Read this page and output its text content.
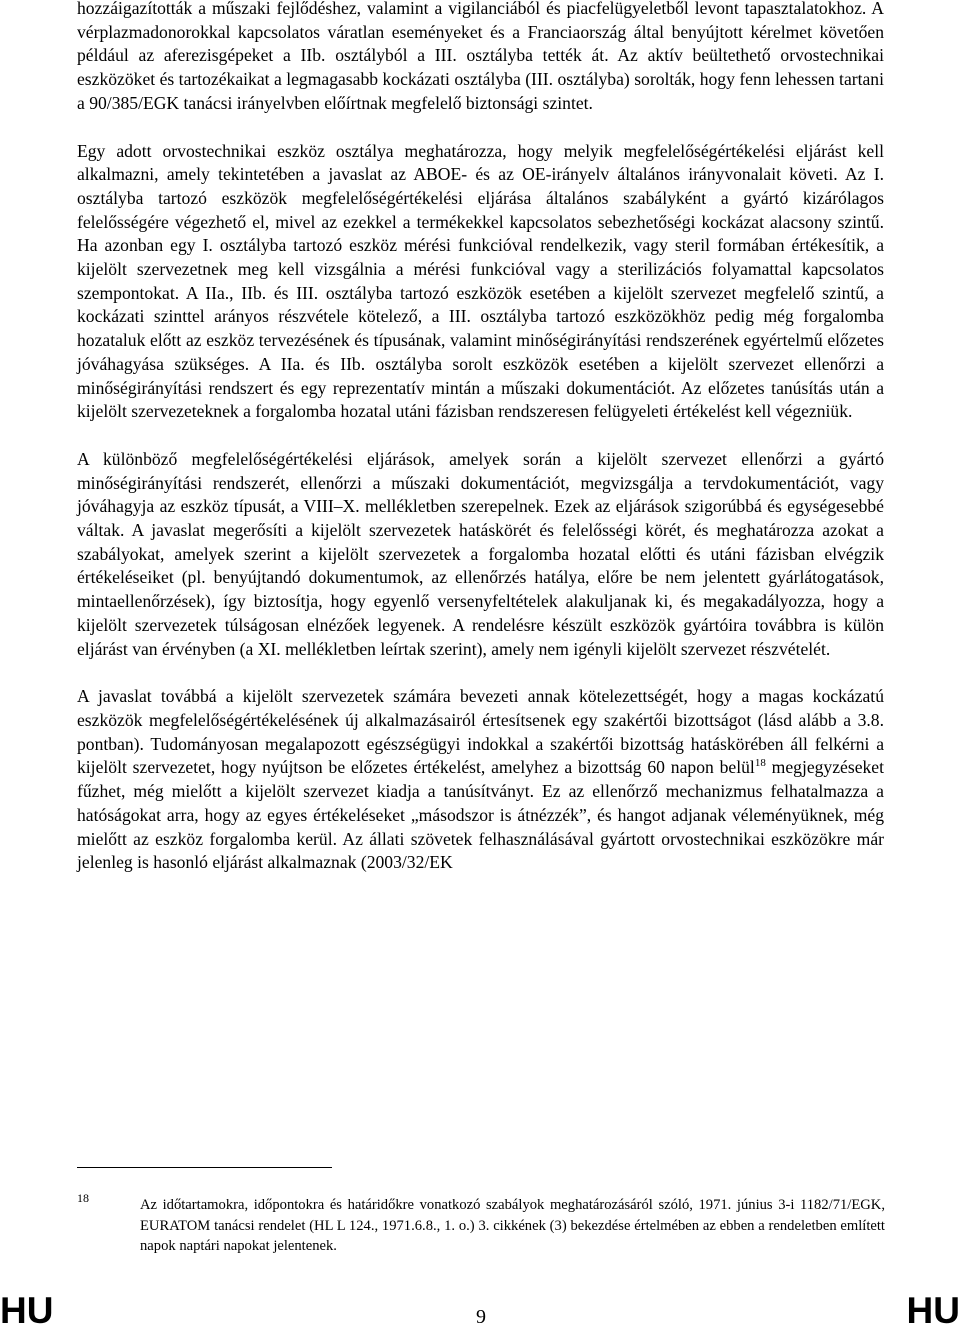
hozzáigazították a műszaki fejlődéshez, valamint a vigilanciából és piacfelügyeletből levont tapasztalatokhoz. A vérplazmadonorokkal kapcsolatos váratlan eseményeket és a Franciaország által benyújtott kérelmet követően például az aferezisgépeket a IIb. osztályból a III. osztályba tették át. Az aktív beültethető orvostechnikai eszközöket és tartozékaikat a legmagasabb kockázati osztályba (III. osztályba) sorolták, hogy fenn lehessen tartani a 90/385/EGK tanácsi irányelvben előírtnak megfelelő biztonsági szintet.

Egy adott orvostechnikai eszköz osztálya meghatározza, hogy melyik megfelelőségértékelési eljárást kell alkalmazni, amely tekintetében a javaslat az ABOE- és az OE-irányelv általános irányvonalait követi. Az I. osztályba tartozó eszközök megfelelőségértékelési eljárása általános szabályként a gyártó kizárólagos felelősségére végezhető el, mivel az ezekkel a termékekkel kapcsolatos sebezhetőségi kockázat alacsony szintű. Ha azonban egy I. osztályba tartozó eszköz mérési funkcióval rendelkezik, vagy steril formában értékesítik, a kijelölt szervezetnek meg kell vizsgálnia a mérési funkcióval vagy a sterilizációs folyamattal kapcsolatos szempontokat. A IIa., IIb. és III. osztályba tartozó eszközök esetében a kijelölt szervezet megfelelő szintű, a kockázati szinttel arányos részvétele kötelező, a III. osztályba tartozó eszközökhöz pedig még forgalomba hozataluk előtt az eszköz tervezésének és típusának, valamint minőségirányítási rendszerének egyértelmű előzetes jóváhagyása szükséges. A IIa. és IIb. osztályba sorolt eszközök esetében a kijelölt szervezet ellenőrzi a minőségirányítási rendszert és egy reprezentatív mintán a műszaki dokumentációt. Az előzetes tanúsítás után a kijelölt szervezeteknek a forgalomba hozatal utáni fázisban rendszeresen felügyeleti értékelést kell végezniük.

A különböző megfelelőségértékelési eljárások, amelyek során a kijelölt szervezet ellenőrzi a gyártó minőségirányítási rendszerét, ellenőrzi a műszaki dokumentációt, megvizsgálja a tervdokumentációt, vagy jóváhagyja az eszköz típusát, a VIII–X. mellékletben szerepelnek. Ezek az eljárások szigorúbbá és egységesebbé váltak. A javaslat megerősíti a kijelölt szervezetek hatáskörét és felelősségi körét, és meghatározza azokat a szabályokat, amelyek szerint a kijelölt szervezetek a forgalomba hozatal előtti és utáni fázisban elvégzik értékeléseiket (pl. benyújtandó dokumentumok, az ellenőrzés hatálya, előre be nem jelentett gyárlátogatások, mintaellenőrzések), így biztosítja, hogy egyenlő versenyfeltételek alakuljanak ki, és megakadályozza, hogy a kijelölt szervezetek túlságosan elnézőek legyenek. A rendelésre készült eszközök gyártóira továbbra is külön eljárást van érvényben (a XI. mellékletben leírtak szerint), amely nem igényli kijelölt szervezet részvételét.

A javaslat továbbá a kijelölt szervezetek számára bevezeti annak kötelezettségét, hogy a magas kockázatú eszközök megfelelőségértékelésének új alkalmazásairól értesítsenek egy szakértői bizottságot (lásd alább a 3.8. pontban). Tudományosan megalapozott egészségügyi indokkal a szakértői bizottság hatáskörében áll felkérni a kijelölt szervezetet, hogy nyújtson be előzetes értékelést, amelyhez a bizottság 60 napon belül$^{18}$ megjegyzéseket fűzhet, még mielőtt a kijelölt szervezet kiadja a tanúsítványt. Ez az ellenőrző mechanizmus felhatalmazza a hatóságokat arra, hogy az egyes értékeléseket „másodszor is átnézzék”, és hangot adjanak véleményüknek, még mielőtt az eszköz forgalomba kerül. Az állati szövetek felhasználásával gyártott orvostechnikai eszközökre már jelenleg is hasonló eljárást alkalmaznak (2003/32/EK

18	Az időtartamokra, időpontokra és határidőkre vonatkozó szabályok meghatározásáról szóló, 1971. június 3-i 1182/71/EGK, EURATOM tanácsi rendelet (HL L 124., 1971.6.8., 1. o.) 3. cikkének (3) bekezdése értelmében az ebben a rendeletben említett napok naptári napokat jelentenek.

HU	9	HU
